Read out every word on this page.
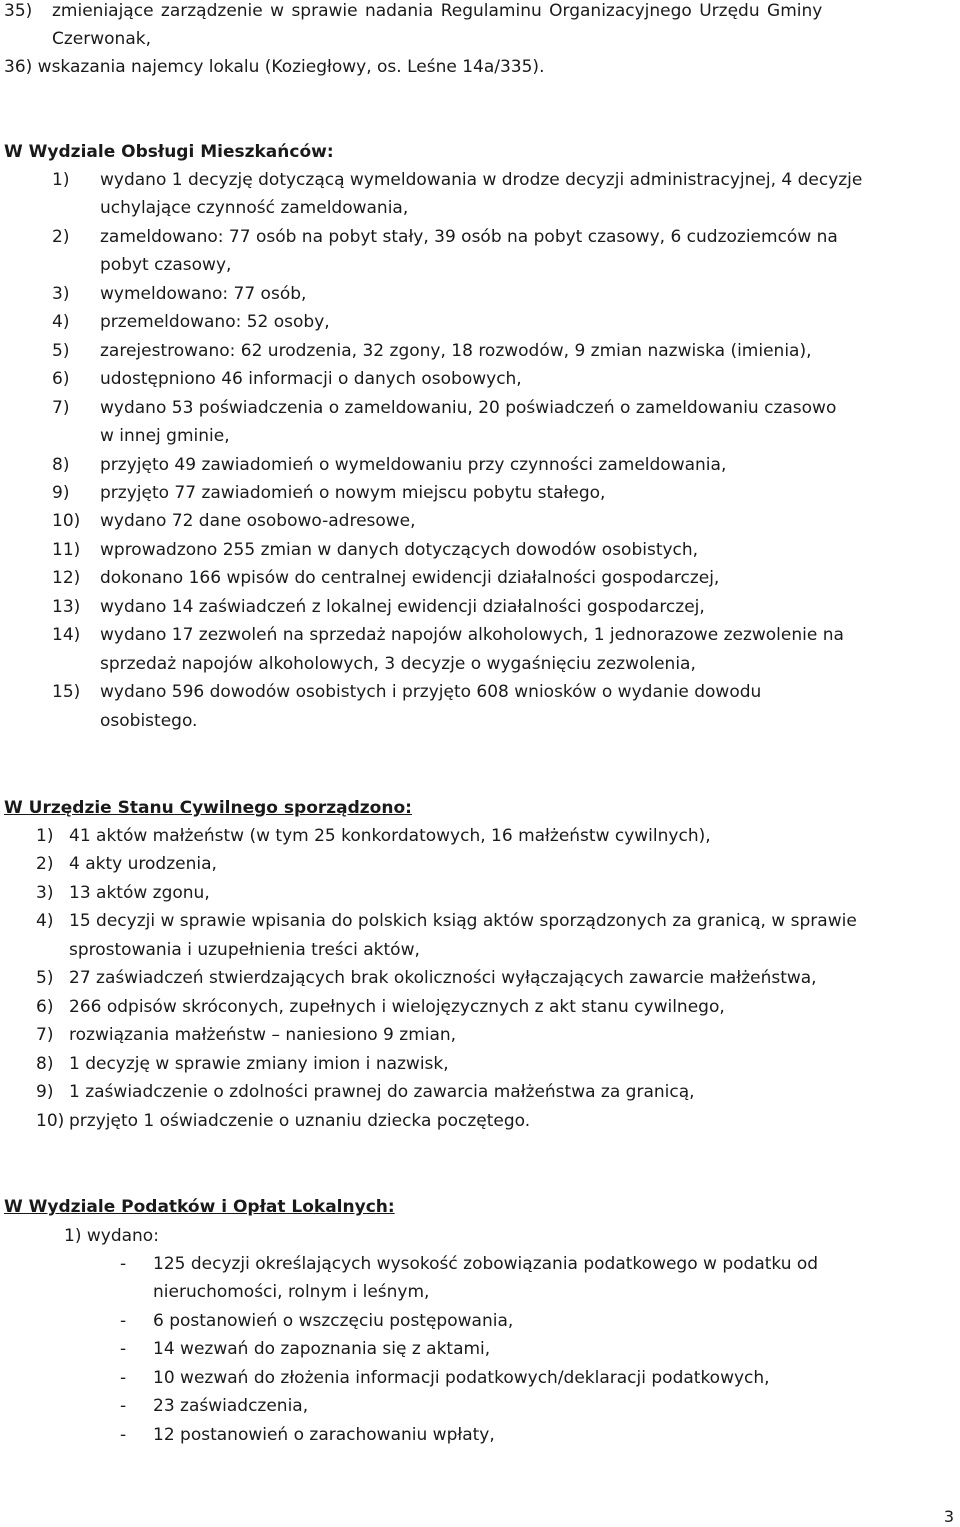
35) zmieniające zarządzenie w sprawie nadania Regulaminu Organizacyjnego Urzędu Gminy
Czerwonak,
36) wskazania najemcy lokalu (Koziegłowy, os. Leśne 14a/335).
W Wydziale Obsługi Mieszkańców:
1) wydano 1 decyzję dotyczącą wymeldowania w drodze decyzji administracyjnej, 4 decyzje
uchylające czynność zameldowania,
2) zameldowano: 77 osób na pobyt stały, 39 osób na pobyt czasowy, 6 cudzoziemców na
pobyt czasowy,
3) wymeldowano: 77 osób,
4) przemeldowano: 52 osoby,
5) zarejestrowano: 62 urodzenia, 32 zgony, 18 rozwodów, 9 zmian nazwiska (imienia),
6) udostępniono 46 informacji o danych osobowych,
7) wydano 53 poświadczenia o zameldowaniu, 20 poświadczeń o zameldowaniu czasowo
w innej gminie,
8) przyjęto 49 zawiadomień o wymeldowaniu przy czynności zameldowania,
9) przyjęto 77 zawiadomień o nowym miejscu pobytu stałego,
10) wydano 72 dane osobowo-adresowe,
11) wprowadzono 255 zmian w danych dotyczących dowodów osobistych,
12) dokonano 166 wpisów do centralnej ewidencji działalności gospodarczej,
13) wydano 14 zaświadczeń z lokalnej ewidencji działalności gospodarczej,
14) wydano 17 zezwoleń na sprzedaż napojów alkoholowych, 1 jednorazowe zezwolenie na
sprzedaż napojów alkoholowych, 3 decyzje o wygaśnięciu zezwolenia,
15) wydano 596 dowodów osobistych i przyjęto 608 wniosków o wydanie dowodu
osobistego.
W Urzędzie Stanu Cywilnego sporządzono:
1) 41 aktów małżeństw (w tym 25 konkordatowych, 16 małżeństw cywilnych),
2) 4 akty urodzenia,
3) 13 aktów zgonu,
4) 15 decyzji w sprawie wpisania do polskich ksiąg aktów sporządzonych za granicą, w sprawie
sprostowania i uzupełnienia treści aktów,
5) 27 zaświadczeń stwierdzających brak okoliczności wyłączających zawarcie małżeństwa,
6) 266 odpisów skróconych, zupełnych i wielojęzycznych z akt stanu cywilnego,
7) rozwiązania małżeństw – naniesiono 9 zmian,
8) 1 decyzję w sprawie zmiany imion i nazwisk,
9) 1 zaświadczenie o zdolności prawnej do zawarcia małżeństwa za granicą,
10) przyjęto 1 oświadczenie o uznaniu dziecka poczętego.
W Wydziale Podatków i Opłat Lokalnych:
1) wydano:
- 125 decyzji określających wysokość zobowiązania podatkowego w podatku od
nieruchomości, rolnym i leśnym,
- 6 postanowień o wszczęciu postępowania,
- 14 wezwań do zapoznania się z aktami,
- 10 wezwań do złożenia informacji podatkowych/deklaracji podatkowych,
- 23 zaświadczenia,
- 12 postanowień o zarachowaniu wpłaty,
3
